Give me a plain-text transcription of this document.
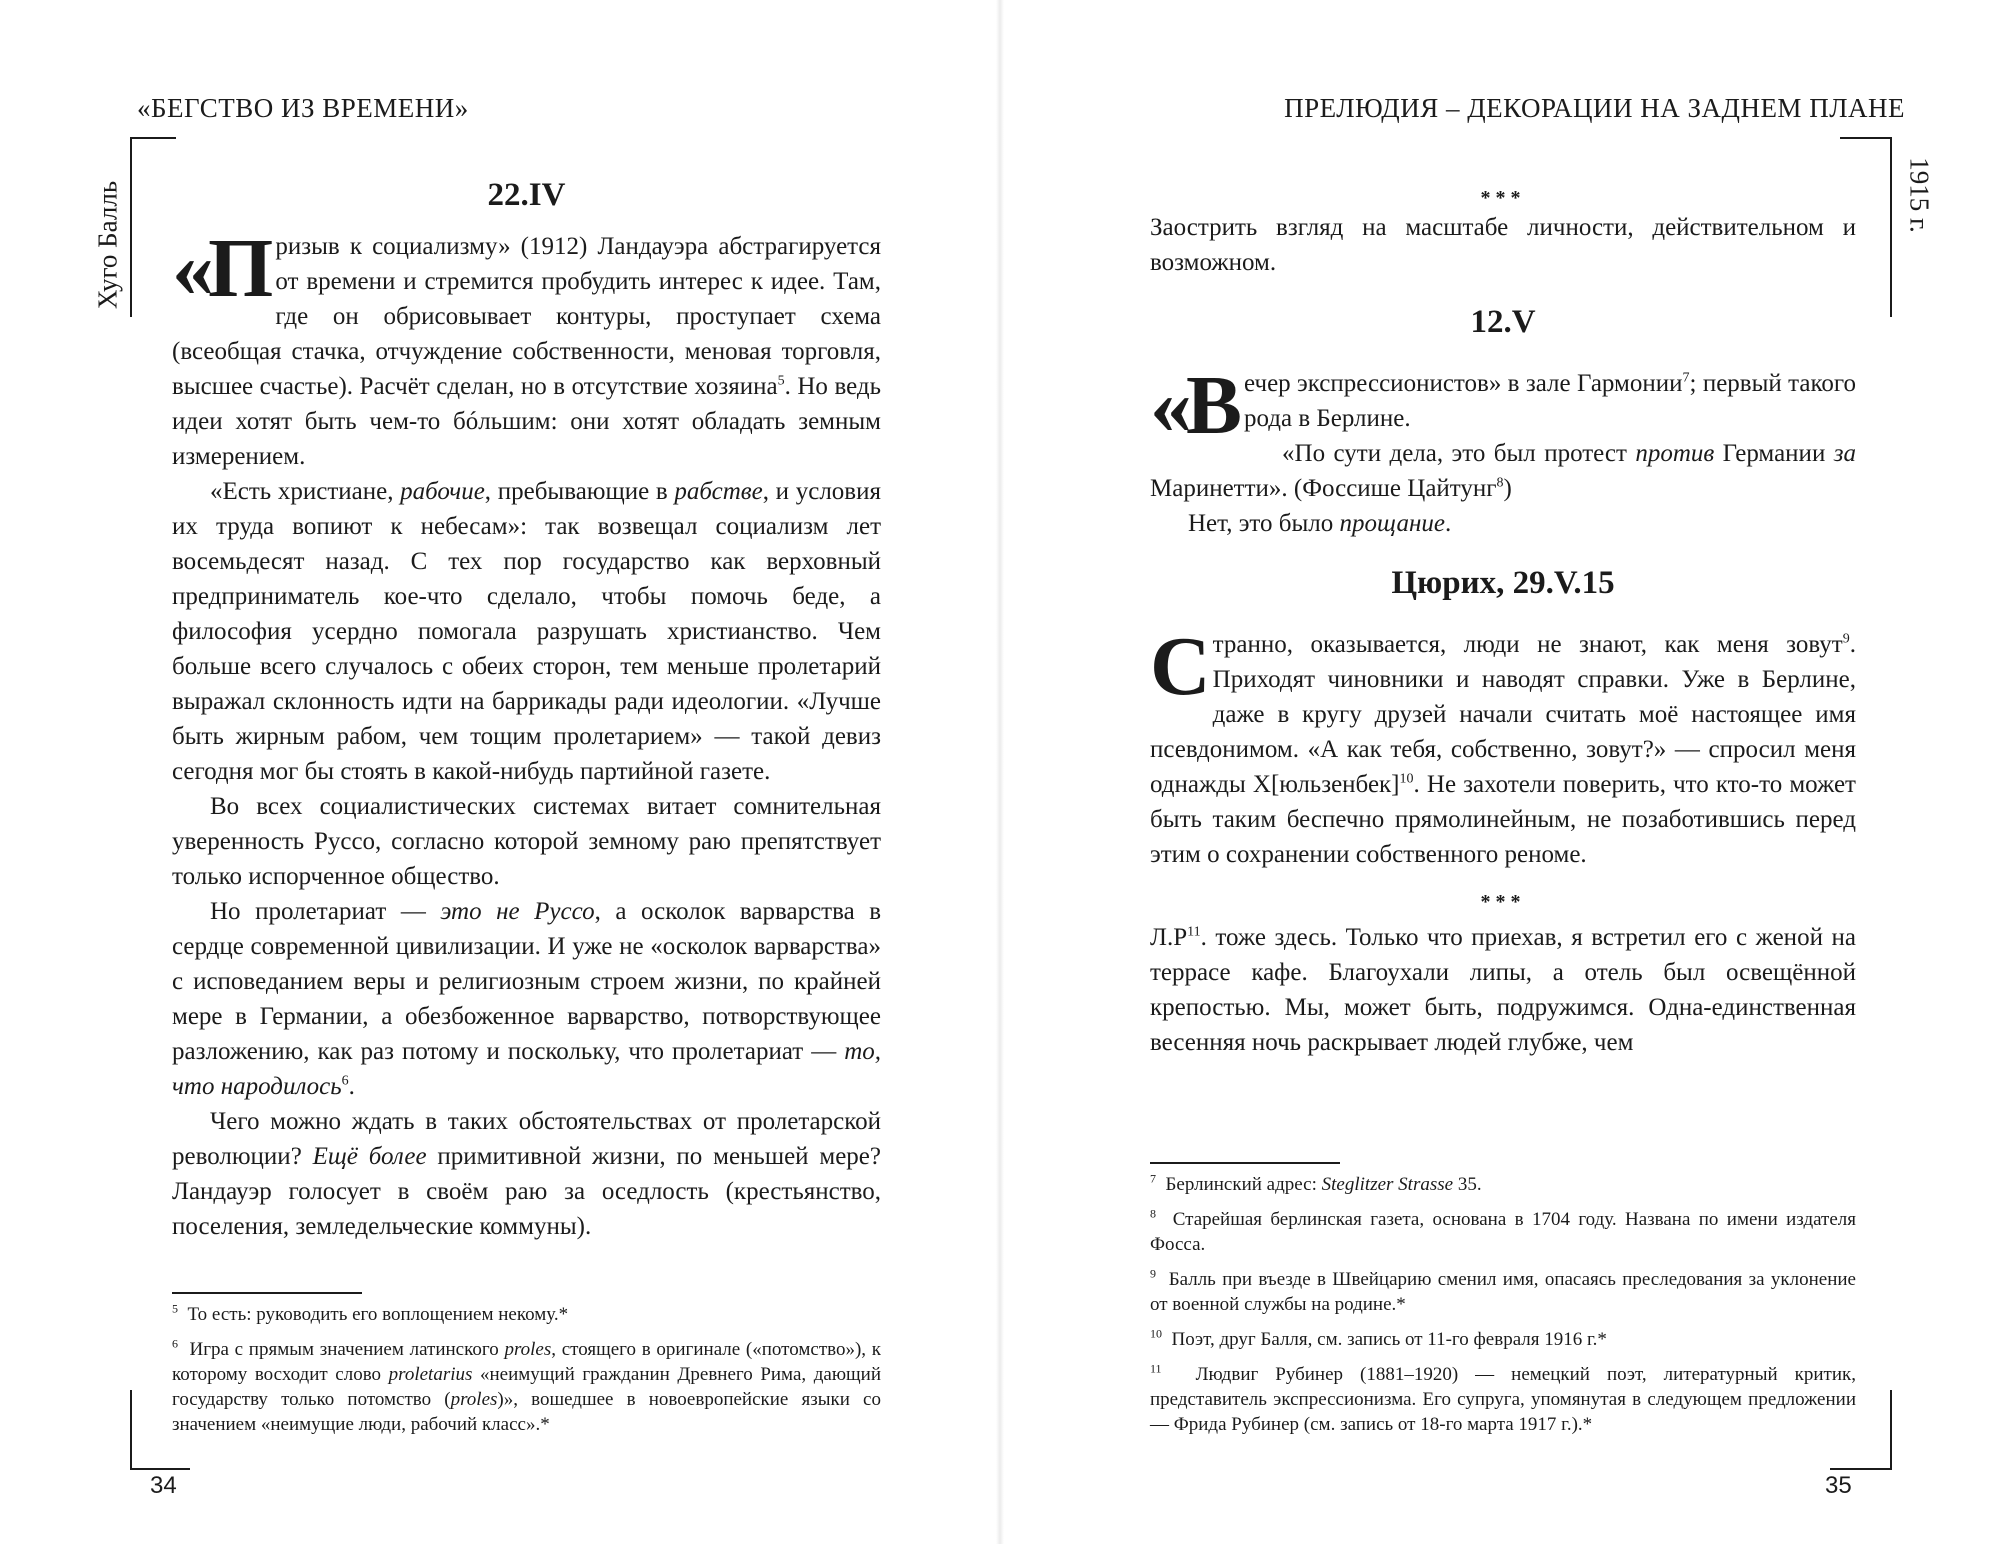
«БЕГСТВО ИЗ ВРЕМЕНИ»
Хуго Балль	22.IV

«П ризыв к социализму» (1912) Ландауэра абстрагируется от времени и стремится пробудить интерес к идее. Там, где он обрисовывает контуры, проступает схема (всеобщая стачка, отчуждение собственности, меновая торговля, высшее счастье). Расчёт сделан, но в отсутствие хозяина$^5$. Но ведь идеи хотят быть чем-то бóльшим: они хотят обладать земным измерением.

«Есть христиане, рабочие, пребывающие в рабстве, и условия их труда вопиют к небесам»: так возвещал социализм лет восемьдесят назад. С тех пор государство как верховный предприниматель кое-что сделало, чтобы помочь беде, а философия усердно помогала разрушать христианство. Чем больше всего случалось с обеих сторон, тем меньше пролетарий выражал склонность идти на баррикады ради идеологии. «Лучше быть жирным рабом, чем тощим пролетарием» — такой девиз сегодня мог бы стоять в какой-нибудь партийной газете.

Во всех социалистических системах витает сомнительная уверенность Руссо, согласно которой земному раю препятствует только испорченное общество.

Но пролетариат — это не Руссо, а осколок варварства в сердце современной цивилизации. И уже не «осколок варварства» с исповеданием веры и религиозным строем жизни, по крайней мере в Германии, а обезбоженное варварство, потворствующее разложению, как раз потому и поскольку, что пролетариат — то, что народилось$^6$.

Чего можно ждать в таких обстоятельствах от пролетарской революции? Ещё более примитивной жизни, по меньшей мере? Ландауэр голосует в своём раю за оседлость (крестьянство, поселения, земледельческие коммуны).

$^5$ То есть: руководить его воплощением некому.*

$^6$ Игра с прямым значением латинского proles, стоящего в оригинале («потомство»), к которому восходит слово proletarius «неимущий гражданин Древнего Рима, дающий государству только потомство (proles)», вошедшее в новоевропейские языки со значением «неимущие люди, рабочий класс».*

34
ПРЕЛЮДИЯ – ДЕКОРАЦИИ НА ЗАДНЕМ ПЛАНЕ
1915 г.
***

Заострить взгляд на масштабе личности, действительном и возможном.

12.V

«В ечер экспрессионистов» в зале Гармонии$^7$; первый такого рода в Берлине.

«По сути дела, это был протест против Германии за Маринетти». (Фоссише Цайтунг$^8$)

Нет, это было прощание.

Цюрих, 29.V.15

Странно, оказывается, люди не знают, как меня зовут$^9$. Приходят чиновники и наводят справки. Уже в Берлине, даже в кругу друзей начали считать моё настоящее имя псевдонимом. «А как тебя, собственно, зовут?» — спросил меня однажды Х[юльзенбек]$^{10}$. Не захотели поверить, что кто-то может быть таким беспечно прямолинейным, не позаботившись перед этим о сохранении собственного реноме.

***

$Л.Р^{11}$. тоже здесь. Только что приехав, я встретил его с женой на террасе кафе. Благоухали липы, а отель был освещённой крепостью. Мы, может быть, подружимся. Одна-единственная весенняя ночь раскрывает людей глубже, чем

$^7$ Берлинский адрес: Steglitzer Strasse 35.

$^8$ Старейшая берлинская газета, основана в 1704 году. Названа по имени издателя Фосса.

$^9$ Балль при въезде в Швейцарию сменил имя, опасаясь преследования за уклонение от военной службы на родине.*

$^{10}$ Поэт, друг Балля, см. запись от 11-го февраля 1916 г.*

$^{11}$ Людвиг Рубинер (1881–1920) — немецкий поэт, литературный критик, представитель экспрессионизма. Его супруга, упомянутая в следующем предложении — Фрида Рубинер (см. запись от 18-го марта 1917 г.).*

35
